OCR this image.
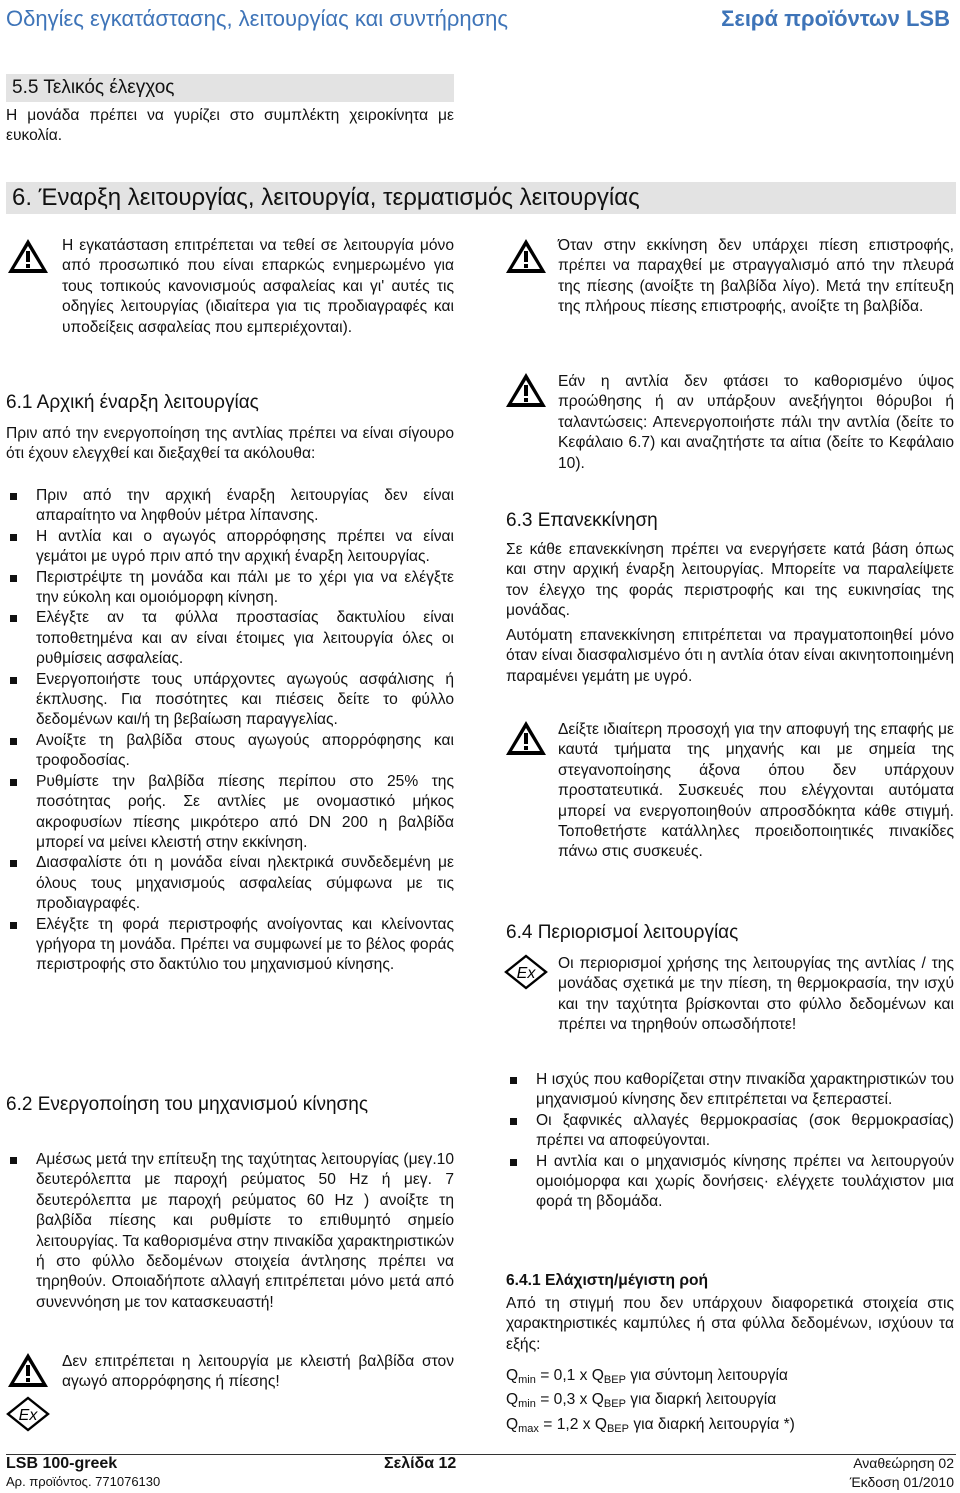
Οδηγίες εγκατάστασης, λειτουργίας και συντήρησης	Σειρά προϊόντων LSB
5.5 Τελικός έλεγχος
Η μονάδα πρέπει να γυρίζει στο συμπλέκτη χειροκίνητα με ευκολία.
6. Έναρξη λειτουργίας, λειτουργία, τερματισμός λειτουργίας
Η εγκατάσταση επιτρέπεται να τεθεί σε λειτουργία μόνο από προσωπικό που είναι επαρκώς ενημερωμένο για τους τοπικούς κανονισμούς ασφαλείας και γι' αυτές τις οδηγίες λειτουργίας (ιδιαίτερα για τις προδιαγραφές και υποδείξεις ασφαλείας που εμπεριέχονται).
6.1 Αρχική έναρξη λειτουργίας
Πριν από την ενεργοποίηση της αντλίας πρέπει να είναι σίγουρο ότι έχουν ελεγχθεί και διεξαχθεί τα ακόλουθα:
Πριν από την αρχική έναρξη λειτουργίας δεν είναι απαραίτητο να ληφθούν μέτρα λίπανσης.
Η αντλία και ο αγωγός απορρόφησης πρέπει να είναι γεμάτοι με υγρό πριν από την αρχική έναρξη λειτουργίας.
Περιστρέψτε τη μονάδα και πάλι με το χέρι για να ελέγξτε την εύκολη και ομοιόμορφη κίνηση.
Ελέγξτε αν τα φύλλα προστασίας δακτυλίου είναι τοποθετημένα και αν είναι έτοιμες για λειτουργία όλες οι ρυθμίσεις ασφαλείας.
Ενεργοποιήστε τους υπάρχοντες αγωγούς ασφάλισης ή έκπλυσης. Για ποσότητες και πιέσεις δείτε το φύλλο δεδομένων και/ή τη βεβαίωση παραγγελίας.
Ανοίξτε τη βαλβίδα στους αγωγούς απορρόφησης και τροφοδοσίας.
Ρυθμίστε την βαλβίδα πίεσης περίπου στο 25% της ποσότητας ροής. Σε αντλίες με ονομαστικό μήκος ακροφυσίων πίεσης μικρότερο από DN 200 η βαλβίδα μπορεί να μείνει κλειστή στην εκκίνηση.
Διασφαλίστε ότι η μονάδα είναι ηλεκτρικά συνδεδεμένη με όλους τους μηχανισμούς ασφαλείας σύμφωνα με τις προδιαγραφές.
Ελέγξτε τη φορά περιστροφής ανοίγοντας και κλείνοντας γρήγορα τη μονάδα. Πρέπει να συμφωνεί με το βέλος φοράς περιστροφής στο δακτύλιο του μηχανισμού κίνησης.
6.2 Ενεργοποίηση του μηχανισμού κίνησης
Αμέσως μετά την επίτευξη της ταχύτητας λειτουργίας (μεγ.10 δευτερόλεπτα με παροχή ρεύματος 50 Hz ή μεγ. 7 δευτερόλεπτα με παροχή ρεύματος 60 Hz ) ανοίξτε τη βαλβίδα πίεσης και ρυθμίστε το επιθυμητό σημείο λειτουργίας. Τα καθορισμένα στην πινακίδα χαρακτηριστικών ή στο φύλλο δεδομένων στοιχεία άντλησης πρέπει να τηρηθούν. Οποιαδήποτε αλλαγή επιτρέπεται μόνο μετά από συνεννόηση με τον κατασκευαστή!
Ex
Δεν επιτρέπεται η λειτουργία με κλειστή βαλβίδα στον αγωγό απορρόφησης ή πίεσης!
Όταν στην εκκίνηση δεν υπάρχει πίεση επιστροφής, πρέπει να παραχθεί με στραγγαλισμό από την πλευρά της πίεσης (ανοίξτε τη βαλβίδα λίγο). Μετά την επίτευξη της πλήρους πίεσης επιστροφής, ανοίξτε τη βαλβίδα.
Εάν η αντλία δεν φτάσει το καθορισμένο ύψος προώθησης ή αν υπάρξουν ανεξήγητοι θόρυβοι ή ταλαντώσεις: Απενεργοποιήστε πάλι την αντλία (δείτε το Κεφάλαιο 6.7) και αναζητήστε τα αίτια (δείτε το Κεφάλαιο 10).
6.3 Επανεκκίνηση
Σε κάθε επανεκκίνηση πρέπει να ενεργήσετε κατά βάση όπως και στην αρχική έναρξη λειτουργίας. Μπορείτε να παραλείψετε τον έλεγχο της φοράς περιστροφής και της ευκινησίας της μονάδας.
Αυτόματη επανεκκίνηση επιτρέπεται να πραγματοποιηθεί μόνο όταν είναι διασφαλισμένο ότι η αντλία όταν είναι ακινητοποιημένη παραμένει γεμάτη με υγρό.
Δείξτε ιδιαίτερη προσοχή για την αποφυγή της επαφής με καυτά τμήματα της μηχανής και με σημεία της στεγανοποίησης άξονα όπου δεν υπάρχουν προστατευτικά. Συσκευές που ελέγχονται αυτόματα μπορεί να ενεργοποιηθούν απροσδόκητα κάθε στιγμή. Τοποθετήστε κατάλληλες προειδοποιητικές πινακίδες πάνω στις συσκευές.
6.4 Περιορισμοί λειτουργίας
Ex
Οι περιορισμοί χρήσης της λειτουργίας της αντλίας / της μονάδας σχετικά με την πίεση, τη θερμοκρασία, την ισχύ και την ταχύτητα βρίσκονται στο φύλλο δεδομένων και πρέπει να τηρηθούν οπωσδήποτε!
Η ισχύς που καθορίζεται στην πινακίδα χαρακτηριστικών του μηχανισμού κίνησης δεν επιτρέπεται να ξεπεραστεί.
Οι ξαφνικές αλλαγές θερμοκρασίας (σοκ θερμοκρασίας) πρέπει να αποφεύγονται.
Η αντλία και ο μηχανισμός κίνησης πρέπει να λειτουργούν ομοιόμορφα και χωρίς δονήσεις· ελέγχετε τουλάχιστον μια φορά τη βδομάδα.
6.4.1 Ελάχιστη/μέγιστη ροή
Από τη στιγμή που δεν υπάρχουν διαφορετικά στοιχεία στις χαρακτηριστικές καμπύλες ή στα φύλλα δεδομένων, ισχύουν τα εξής:
Qmin = 0,1 x QBEP για σύντομη λειτουργία
Qmin = 0,3 x QBEP για διαρκή λειτουργία
Qmax = 1,2 x QBEP για διαρκή λειτουργία *)
LSB 100-greek	Σελίδα 12	Αναθεώρηση 02
Αρ. προϊόντος. 771076130	Έκδοση 01/2010
